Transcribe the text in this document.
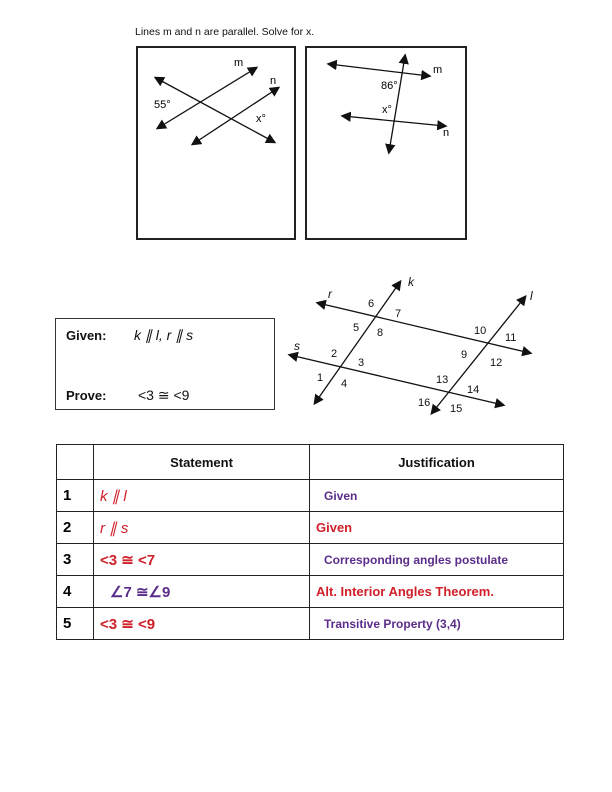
Lines m and n are parallel. Solve for x.
m
n
55°
x°
m
n
86°
x°
Given: k ∥ l, r ∥ s
Prove: <3 ≅ <9
r
s
k
l
1
2
3
4
5
6
7
8
9
10
11
12
13
14
16 15
	Statement	Justification
1	k ∥ l	Given
2	r ∥ s	Given
3	<3 ≅ <7	Corresponding angles postulate
4	∠7 ≅∠9	Alt. Interior Angles Theorem.
5	<3 ≅ <9	Transitive Property (3,4)
